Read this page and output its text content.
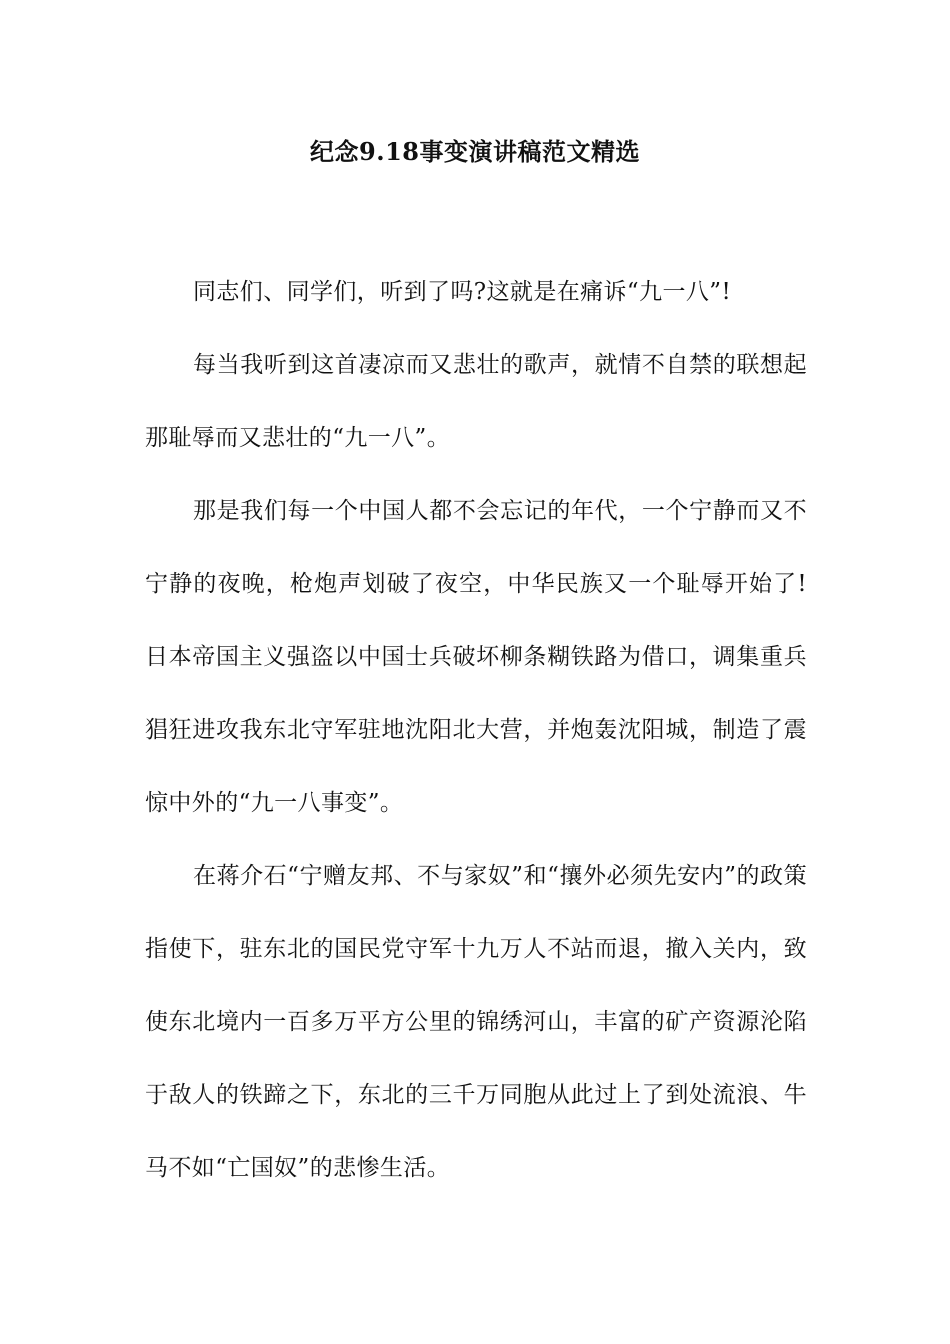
纪念9.18事变演讲稿范文精选

同志们、同学们，听到了吗?这就是在痛诉“九一八”!

每当我听到这首凄凉而又悲壮的歌声，就情不自禁的联想起那耻辱而又悲壮的“九一八”。

那是我们每一个中国人都不会忘记的年代，一个宁静而又不宁静的夜晚，枪炮声划破了夜空，中华民族又一个耻辱开始了!日本帝国主义强盗以中国士兵破坏柳条糊铁路为借口，调集重兵猖狂进攻我东北守军驻地沈阳北大营，并炮轰沈阳城，制造了震惊中外的“九一八事变”。

在蒋介石“宁赠友邦、不与家奴”和“攘外必须先安内”的政策指使下，驻东北的国民党守军十九万人不站而退，撤入关内，致使东北境内一百多万平方公里的锦绣河山，丰富的矿产资源沦陷于敌人的铁蹄之下，东北的三千万同胞从此过上了到处流浪、牛马不如“亡国奴”的悲惨生活。
